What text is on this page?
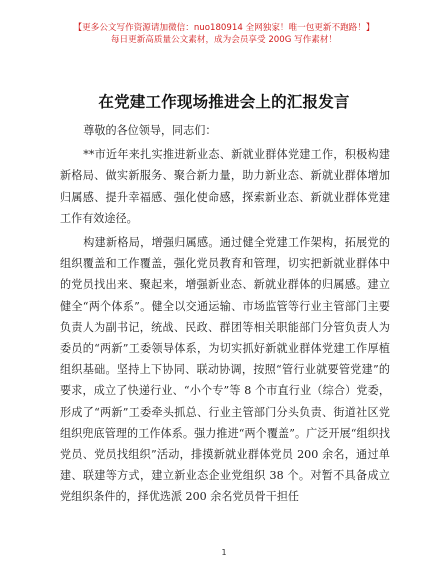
【更多公文写作资源请加微信：nuo180914 全网独家！唯一包更新不跑路！】
每日更新高质量公文素材，成为会员享受 200G 写作素材！
在党建工作现场推进会上的汇报发言

尊敬的各位领导，同志们：

**市近年来扎实推进新业态、新就业群体党建工作，积极构建新格局、做实新服务、聚合新力量，助力新业态、新就业群体增加归属感、提升幸福感、强化使命感，探索新业态、新就业群体党建工作有效途径。

构建新格局，增强归属感。通过健全党建工作架构，拓展党的组织覆盖和工作覆盖，强化党员教育和管理，切实把新就业群体中的党员找出来、聚起来，增强新业态、新就业群体的归属感。建立健全“两个体系”。健全以交通运输、市场监管等行业主管部门主要负责人为副书记，统战、民政、群团等相关职能部门分管负责人为委员的“两新”工委领导体系，为切实抓好新就业群体党建工作厚植组织基础。坚持上下协同、联动协调，按照“管行业就要管党建”的要求，成立了快递行业、“小个专”等 8 个市直行业（综合）党委，形成了“两新”工委牵头抓总、行业主管部门分头负责、街道社区党组织兜底管理的工作体系。强力推进“两个覆盖”。广泛开展“组织找党员、党员找组织”活动，排摸新就业群体党员 200 余名，通过单建、联建等方式，建立新业态企业党组织 38 个。对暂不具备成立党组织条件的，择优选派 200 余名党员骨干担任

1
